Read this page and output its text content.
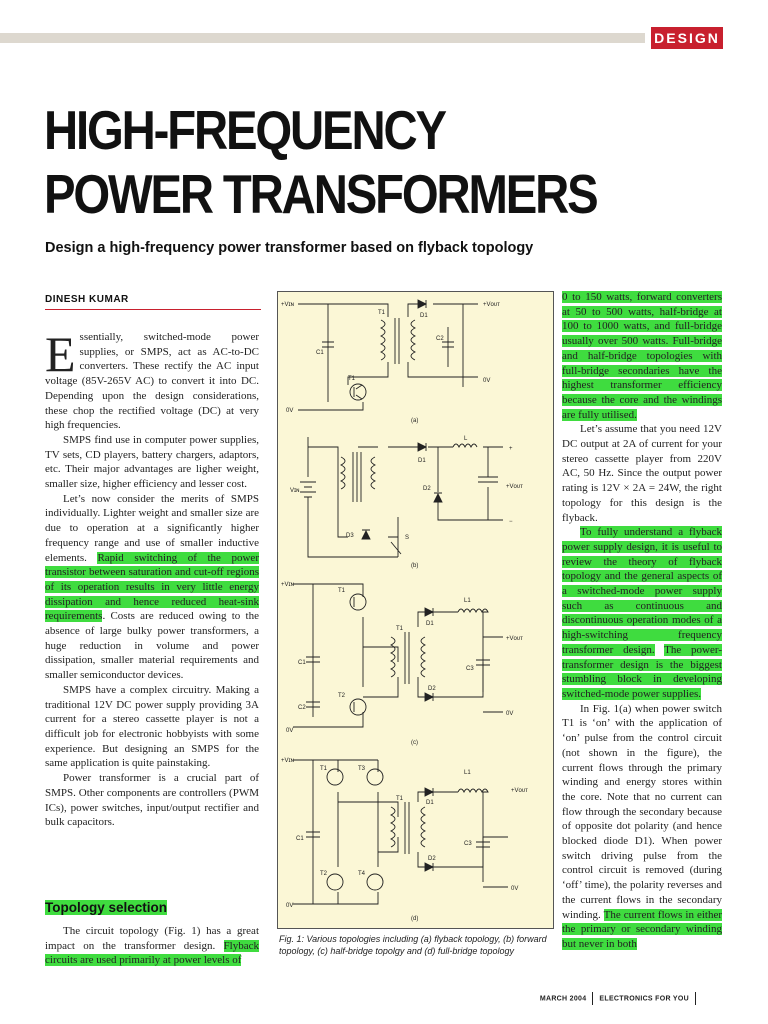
DESIGN
HIGH-FREQUENCY
POWER TRANSFORMERS
Design a high-frequency power transformer based on flyback topology
DINESH KUMAR

Essentially, switched-mode power supplies, or SMPS, act as AC-to-DC converters. These rectify the AC input voltage (85V-265V AC) to convert it into DC. Depending upon the design considerations, these chop the rectified voltage (DC) at very high frequencies.

SMPS find use in computer power supplies, TV sets, CD players, battery chargers, adaptors, etc. Their major advantages are ligher weight, smaller size, higher efficiency and lesser cost.

Let’s now consider the merits of SMPS individually. Lighter weight and smaller size are due to operation at a significantly higher frequency range and use of smaller inductive elements. Rapid switching of the power transistor between saturation and cut-off regions of its operation results in very little energy dissipation and hence reduced heat-sink requirements. Costs are reduced owing to the absence of large bulky power transformers, a huge reduction in volume and power dissipation, smaller material requirements and smaller semiconductor devices.

SMPS have a complex circuitry. Making a traditional 12V DC power supply providing 3A current for a stereo cassette player is not a difficult job for electronic hobbyists with some experience. But designing an SMPS for the same application is quite painstaking.

Power transformer is a crucial part of SMPS. Other components are controllers (PWM ICs), power switches, input/output rectifier and bulk capacitors.

Topology selection

The circuit topology (Fig. 1) has a great impact on the transformer design. Flyback circuits are used primarily at power levels of

+Vɪɴ	+Vᴏᴜᴛ
0V
0V
T1	D1
C1
C2
T1
(a)
Vɪɴ
D1
D2
D3	S
L
+Vᴏᴜᴛ
+
−
(b)
+Vɪɴ
T1
T2
T1
D1
D2
L1
C1
C2
C3
+Vᴏᴜᴛ
0V
0V
(c)
+Vɪɴ
T1	T3
T2	T4
T1
D1
D2
L1
C1
C3
+Vᴏᴜᴛ
0V
0V
(d)
Fig. 1: Various topologies including (a) flyback topology, (b) forward topology, (c) half-bridge topolgy and (d) full-bridge topology

0 to 150 watts, forward converters at 50 to 500 watts, half-bridge at 100 to 1000 watts, and full-bridge usually over 500 watts. Full-bridge and half-bridge topologies with full-bridge secondaries have the highest transformer efficiency because the core and the windings are fully utilised.

Let’s assume that you need 12V DC output at 2A of current for your stereo cassette player from 220V AC, 50 Hz. Since the output power rating is 12V × 2A = 24W, the right topology for this design is the flyback.

To fully understand a flyback power supply design, it is useful to review the theory of flyback topology and the general aspects of a switched-mode power supply such as continuous and discontinuous operation modes of a high-switching frequency transformer design. The power-transformer design is the biggest stumbling block in developing switched-mode power supplies.

In Fig. 1(a) when power switch T1 is ‘on’ with the application of ‘on’ pulse from the control circuit (not shown in the figure), the current flows through the primary winding and energy stores within the core. Note that no current can flow through the secondary because of opposite dot polarity (and hence blocked diode D1). When power switch driving pulse from the control circuit is removed (during ‘off’ time), the polarity reverses and the current flows in the secondary winding. The current flows in either the primary or secondary winding but never in both

MARCH 2004 ELECTRONICS FOR YOU
